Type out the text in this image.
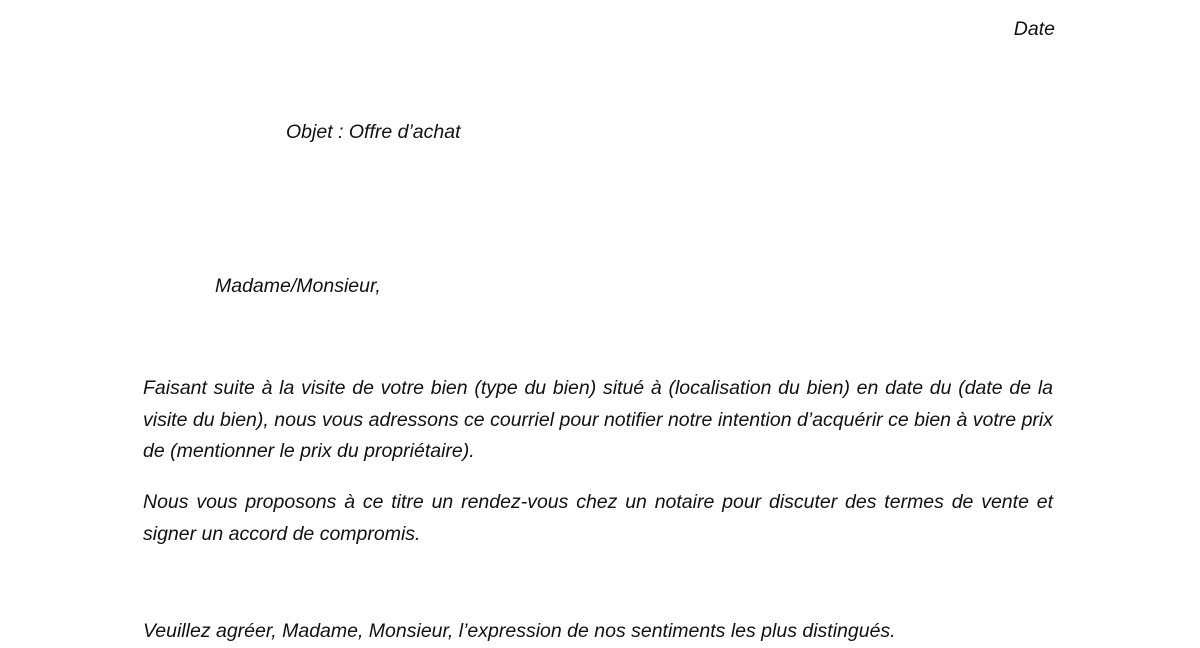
Date
Objet : Offre d’achat
Madame/Monsieur,

Faisant suite à la visite de votre bien (type du bien) situé à (localisation du bien) en date du (date de la visite du bien), nous vous adressons ce courriel pour notifier notre intention d’acquérir ce bien à votre prix de (mentionner le prix du propriétaire).

Nous vous proposons à ce titre un rendez-vous chez un notaire pour discuter des termes de vente et signer un accord de compromis.

Veuillez agréer, Madame, Monsieur, l’expression de nos sentiments les plus distingués.
